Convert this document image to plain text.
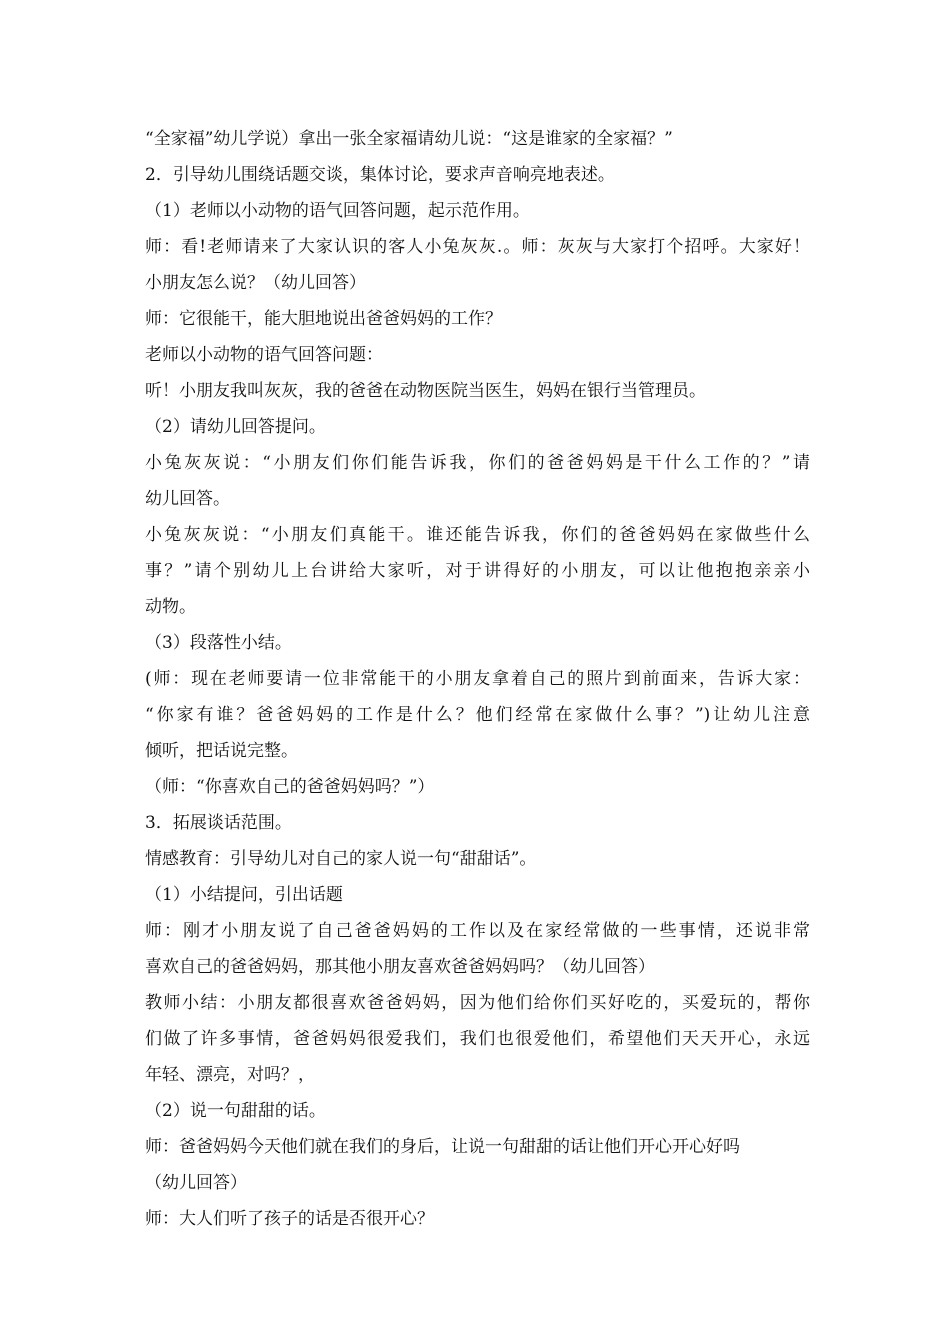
“全家福”幼儿学说）拿出一张全家福请幼儿说：“这是谁家的全家福？”
2．引导幼儿围绕话题交谈，集体讨论，要求声音响亮地表述。
（1）老师以小动物的语气回答问题，起示范作用。
师：看!老师请来了大家认识的客人小兔灰灰.。师：灰灰与大家打个招呼。大家好！
小朋友怎么说？（幼儿回答）
师：它很能干，能大胆地说出爸爸妈妈的工作？
老师以小动物的语气回答问题：
听！小朋友我叫灰灰，我的爸爸在动物医院当医生，妈妈在银行当管理员。
（2）请幼儿回答提问。
小兔灰灰说：“小朋友们你们能告诉我，你们的爸爸妈妈是干什么工作的？”请
幼儿回答。
小兔灰灰说：“小朋友们真能干。谁还能告诉我，你们的爸爸妈妈在家做些什么
事？”请个别幼儿上台讲给大家听，对于讲得好的小朋友，可以让他抱抱亲亲小
动物。
（3）段落性小结。
(师：现在老师要请一位非常能干的小朋友拿着自己的照片到前面来，告诉大家：
“你家有谁？爸爸妈妈的工作是什么？他们经常在家做什么事？”)让幼儿注意
倾听，把话说完整。
（师：“你喜欢自己的爸爸妈妈吗？”）
3．拓展谈话范围。
情感教育：引导幼儿对自己的家人说一句“甜甜话”。
（1）小结提问，引出话题
师：刚才小朋友说了自己爸爸妈妈的工作以及在家经常做的一些事情，还说非常
喜欢自己的爸爸妈妈，那其他小朋友喜欢爸爸妈妈吗？（幼儿回答）
教师小结：小朋友都很喜欢爸爸妈妈，因为他们给你们买好吃的，买爱玩的，帮你
们做了许多事情，爸爸妈妈很爱我们，我们也很爱他们，希望他们天天开心，永远
年轻、漂亮，对吗？，
（2）说一句甜甜的话。
师：爸爸妈妈今天他们就在我们的身后，让说一句甜甜的话让他们开心开心好吗
（幼儿回答）
师：大人们听了孩子的话是否很开心？
